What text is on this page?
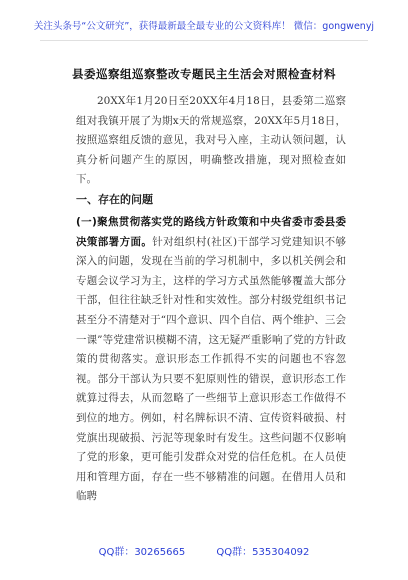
关注头条号“公文研究”，获得最新最全最专业的公文资料库！ 微信：gongwenyj
县委巡察组巡察整改专题民主生活会对照检查材料
20XX年1月20日至20XX年4月18日，县委第二巡察组对我镇开展了为期x天的常规巡察，20XX年5月18日，按照巡察组反馈的意见，我对号入座，主动认领问题，认真分析问题产生的原因，明确整改措施，现对照检查如下。
一、存在的问题
(一)聚焦贯彻落实党的路线方针政策和中央省委市委县委决策部署方面。针对组织村(社区)干部学习党建知识不够深入的问题，发现在当前的学习机制中，多以机关例会和专题会议学习为主，这样的学习方式虽然能够覆盖大部分干部，但往往缺乏针对性和实效性。部分村级党组织书记甚至分不清楚对于“四个意识、四个自信、两个维护、三会一课”等党建常识模糊不清，这无疑严重影响了党的方针政策的贯彻落实。意识形态工作抓得不实的问题也不容忽视。部分干部认为只要不犯原则性的错误，意识形态工作就算过得去，从而忽略了一些细节上意识形态工作做得不到位的地方。例如，村名牌标识不清、宣传资料破损、村党旗出现破损、污泥等现象时有发生。这些问题不仅影响了党的形象，更可能引发群众对党的信任危机。在人员使用和管理方面，存在一些不够精准的问题。在借用人员和临聘
QQ群：30265665	QQ群：535304092
